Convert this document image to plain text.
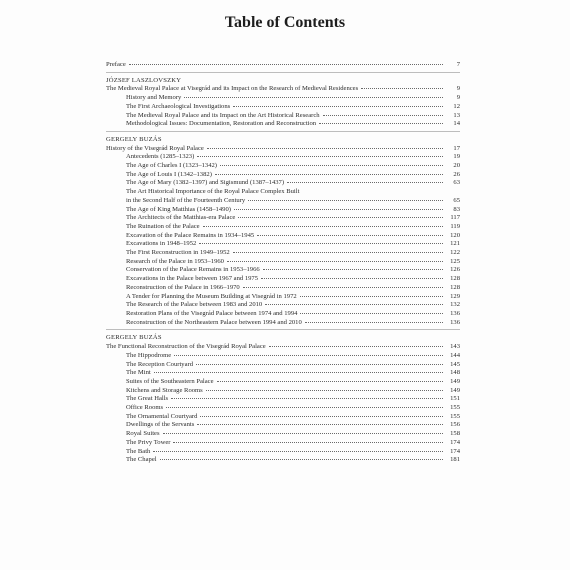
Table of Contents
Preface	7
JÓZSEF LASZLOVSZKY
The Medieval Royal Palace at Visegrád and its Impact on the Research of Medieval Residences	9
History and Memory	9
The First Archaeological Investigations	12
The Medieval Royal Palace and its Impact on the Art Historical Research	13
Methodological Issues: Documentation, Restoration and Reconstruction	14
GERGELY BUZÁS
History of the Visegrád Royal Palace	17
Antecedents (1285–1323)	19
The Age of Charles I (1323–1342)	20
The Age of Louis I (1342–1382)	26
The Age of Mary (1382–1397) and Sigismund (1387–1437)	63
The Art Historical Importance of the Royal Palace Complex Built
in the Second Half of the Fourteenth Century	65
The Age of King Matthias (1458–1490)	83
The Architects of the Matthias-era Palace	117
The Ruination of the Palace	119
Excavation of the Palace Remains in 1934–1945	120
Excavations in 1948–1952	121
The First Reconstruction in 1949–1952	122
Research of the Palace in 1953–1960	125
Conservation of the Palace Remains in 1953–1966	126
Excavations in the Palace between 1967 and 1975	128
Reconstruction of the Palace in 1966–1970	128
A Tender for Planning the Museum Building at Visegrád in 1972	129
The Research of the Palace between 1983 and 2010	132
Restoration Plans of the Visegrád Palace between 1974 and 1994	136
Reconstruction of the Northeastern Palace between 1994 and 2010	136
GERGELY BUZÁS
The Functional Reconstruction of the Visegrád Royal Palace	143
The Hippodrome	144
The Reception Courtyard	145
The Mint	148
Suites of the Southeastern Palace	149
Kitchens and Storage Rooms	149
The Great Halls	151
Office Rooms	155
The Ornamental Courtyard	155
Dwellings of the Servants	156
Royal Suites	158
The Privy Tower	174
The Bath	174
The Chapel	181
